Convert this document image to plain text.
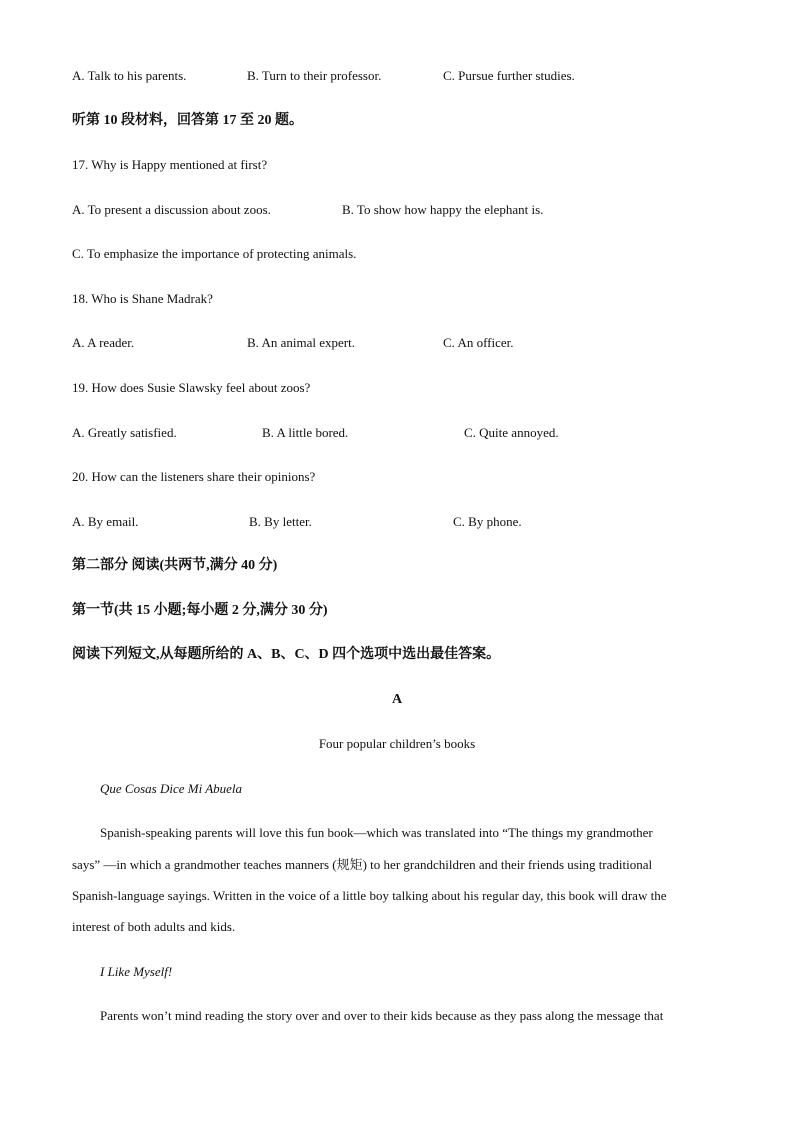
A. Talk to his parents.	B. Turn to their professor.	C. Pursue further studies.
听第 10 段材料，回答第 17 至 20 题。
17. Why is Happy mentioned at first?
A. To present a discussion about zoos.	B. To show how happy the elephant is.
C. To emphasize the importance of protecting animals.
18. Who is Shane Madrak?
A. A reader.	B. An animal expert.	C. An officer.
19. How does Susie Slawsky feel about zoos?
A. Greatly satisfied.	B. A little bored.	C. Quite annoyed.
20. How can the listeners share their opinions?
A. By email.	B. By letter.	C. By phone.
第二部分 阅读(共两节,满分 40 分)
第一节(共 15 小题;每小题 2 分,满分 30 分)
阅读下列短文,从每题所给的 A、B、C、D 四个选项中选出最佳答案。
A
Four popular children’s books
Que Cosas Dice Mi Abuela
Spanish-speaking parents will love this fun book—which was translated into “The things my grandmother
says” —in which a grandmother teaches manners (规矩) to her grandchildren and their friends using traditional
Spanish-language sayings. Written in the voice of a little boy talking about his regular day, this book will draw the
interest of both adults and kids.
I Like Myself!
Parents won’t mind reading the story over and over to their kids because as they pass along the message that
